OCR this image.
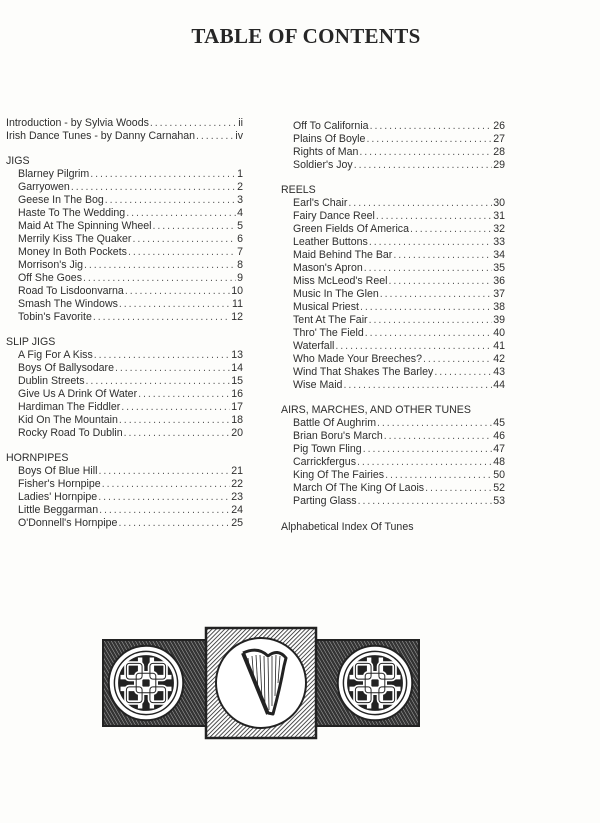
TABLE OF CONTENTS
Introduction - by Sylvia Woods . . .	ii
Irish Dance Tunes - by Danny Carnahan . . .	iv
JIGS
Blarney Pilgrim . . .	1
Garryowen . . .	2
Geese In The Bog . . .	3
Haste To The Wedding . . .	4
Maid At The Spinning Wheel . . .	5
Merrily Kiss The Quaker . . .	6
Money In Both Pockets . . .	7
Morrison's Jig . . .	8
Off She Goes . . .	9
Road To Lisdoonvarna . . .	10
Smash The Windows . . .	11
Tobin's Favorite . . .	12
SLIP JIGS
A Fig For A Kiss . . .	13
Boys Of Ballysodare . . .	14
Dublin Streets . . .	15
Give Us A Drink Of Water . . .	16
Hardiman The Fiddler . . .	17
Kid On The Mountain . . .	18
Rocky Road To Dublin . . .	20
HORNPIPES
Boys Of Blue Hill . . .	21
Fisher's Hornpipe . . .	22
Ladies' Hornpipe . . .	23
Little Beggarman . . .	24
O'Donnell's Hornpipe . . .	25
Off To California . . .	26
Plains Of Boyle . . .	27
Rights of Man . . .	28
Soldier's Joy . . .	29
REELS
Earl's Chair . . .	30
Fairy Dance Reel . . .	31
Green Fields Of America . . .	32
Leather Buttons . . .	33
Maid Behind The Bar . . .	34
Mason's Apron . . .	35
Miss McLeod's Reel . . .	36
Music In The Glen . . .	37
Musical Priest . . .	38
Tent At The Fair . . .	39
Thro' The Field . . .	40
Waterfall . . .	41
Who Made Your Breeches? . . .	42
Wind That Shakes The Barley . . .	43
Wise Maid . . .	44
AIRS, MARCHES, AND OTHER TUNES
Battle Of Aughrim . . .	45
Brian Boru's March . . .	46
Pig Town Fling . . .	47
Carrickfergus . . .	48
King Of The Fairies . . .	50
March Of The King Of Laois . . .	52
Parting Glass . . .	53
Alphabetical Index Of Tunes
